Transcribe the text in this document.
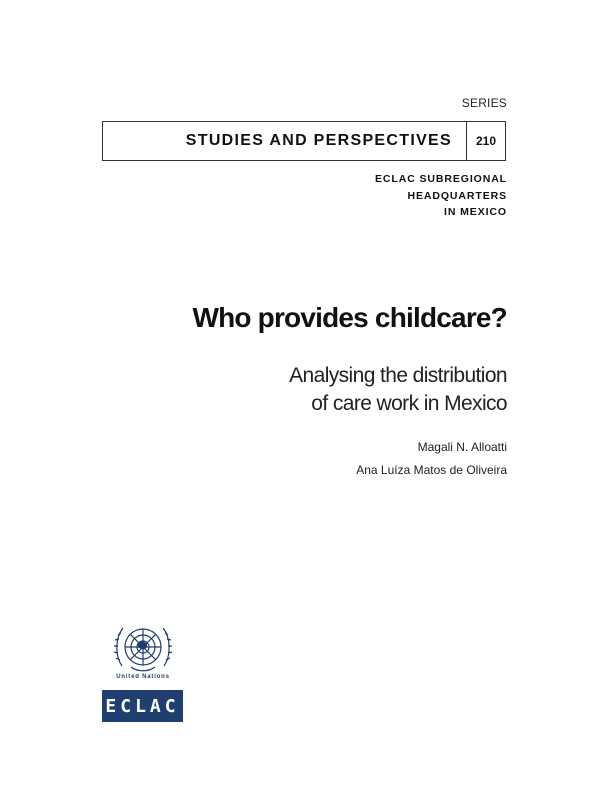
SERIES
STUDIES AND PERSPECTIVES	210
ECLAC SUBREGIONAL
HEADQUARTERS
IN MEXICO
Who provides childcare?
Analysing the distribution
of care work in Mexico
Magali N. Alloatti
Ana Luíza Matos de Oliveira
United Nations
ECLAC
